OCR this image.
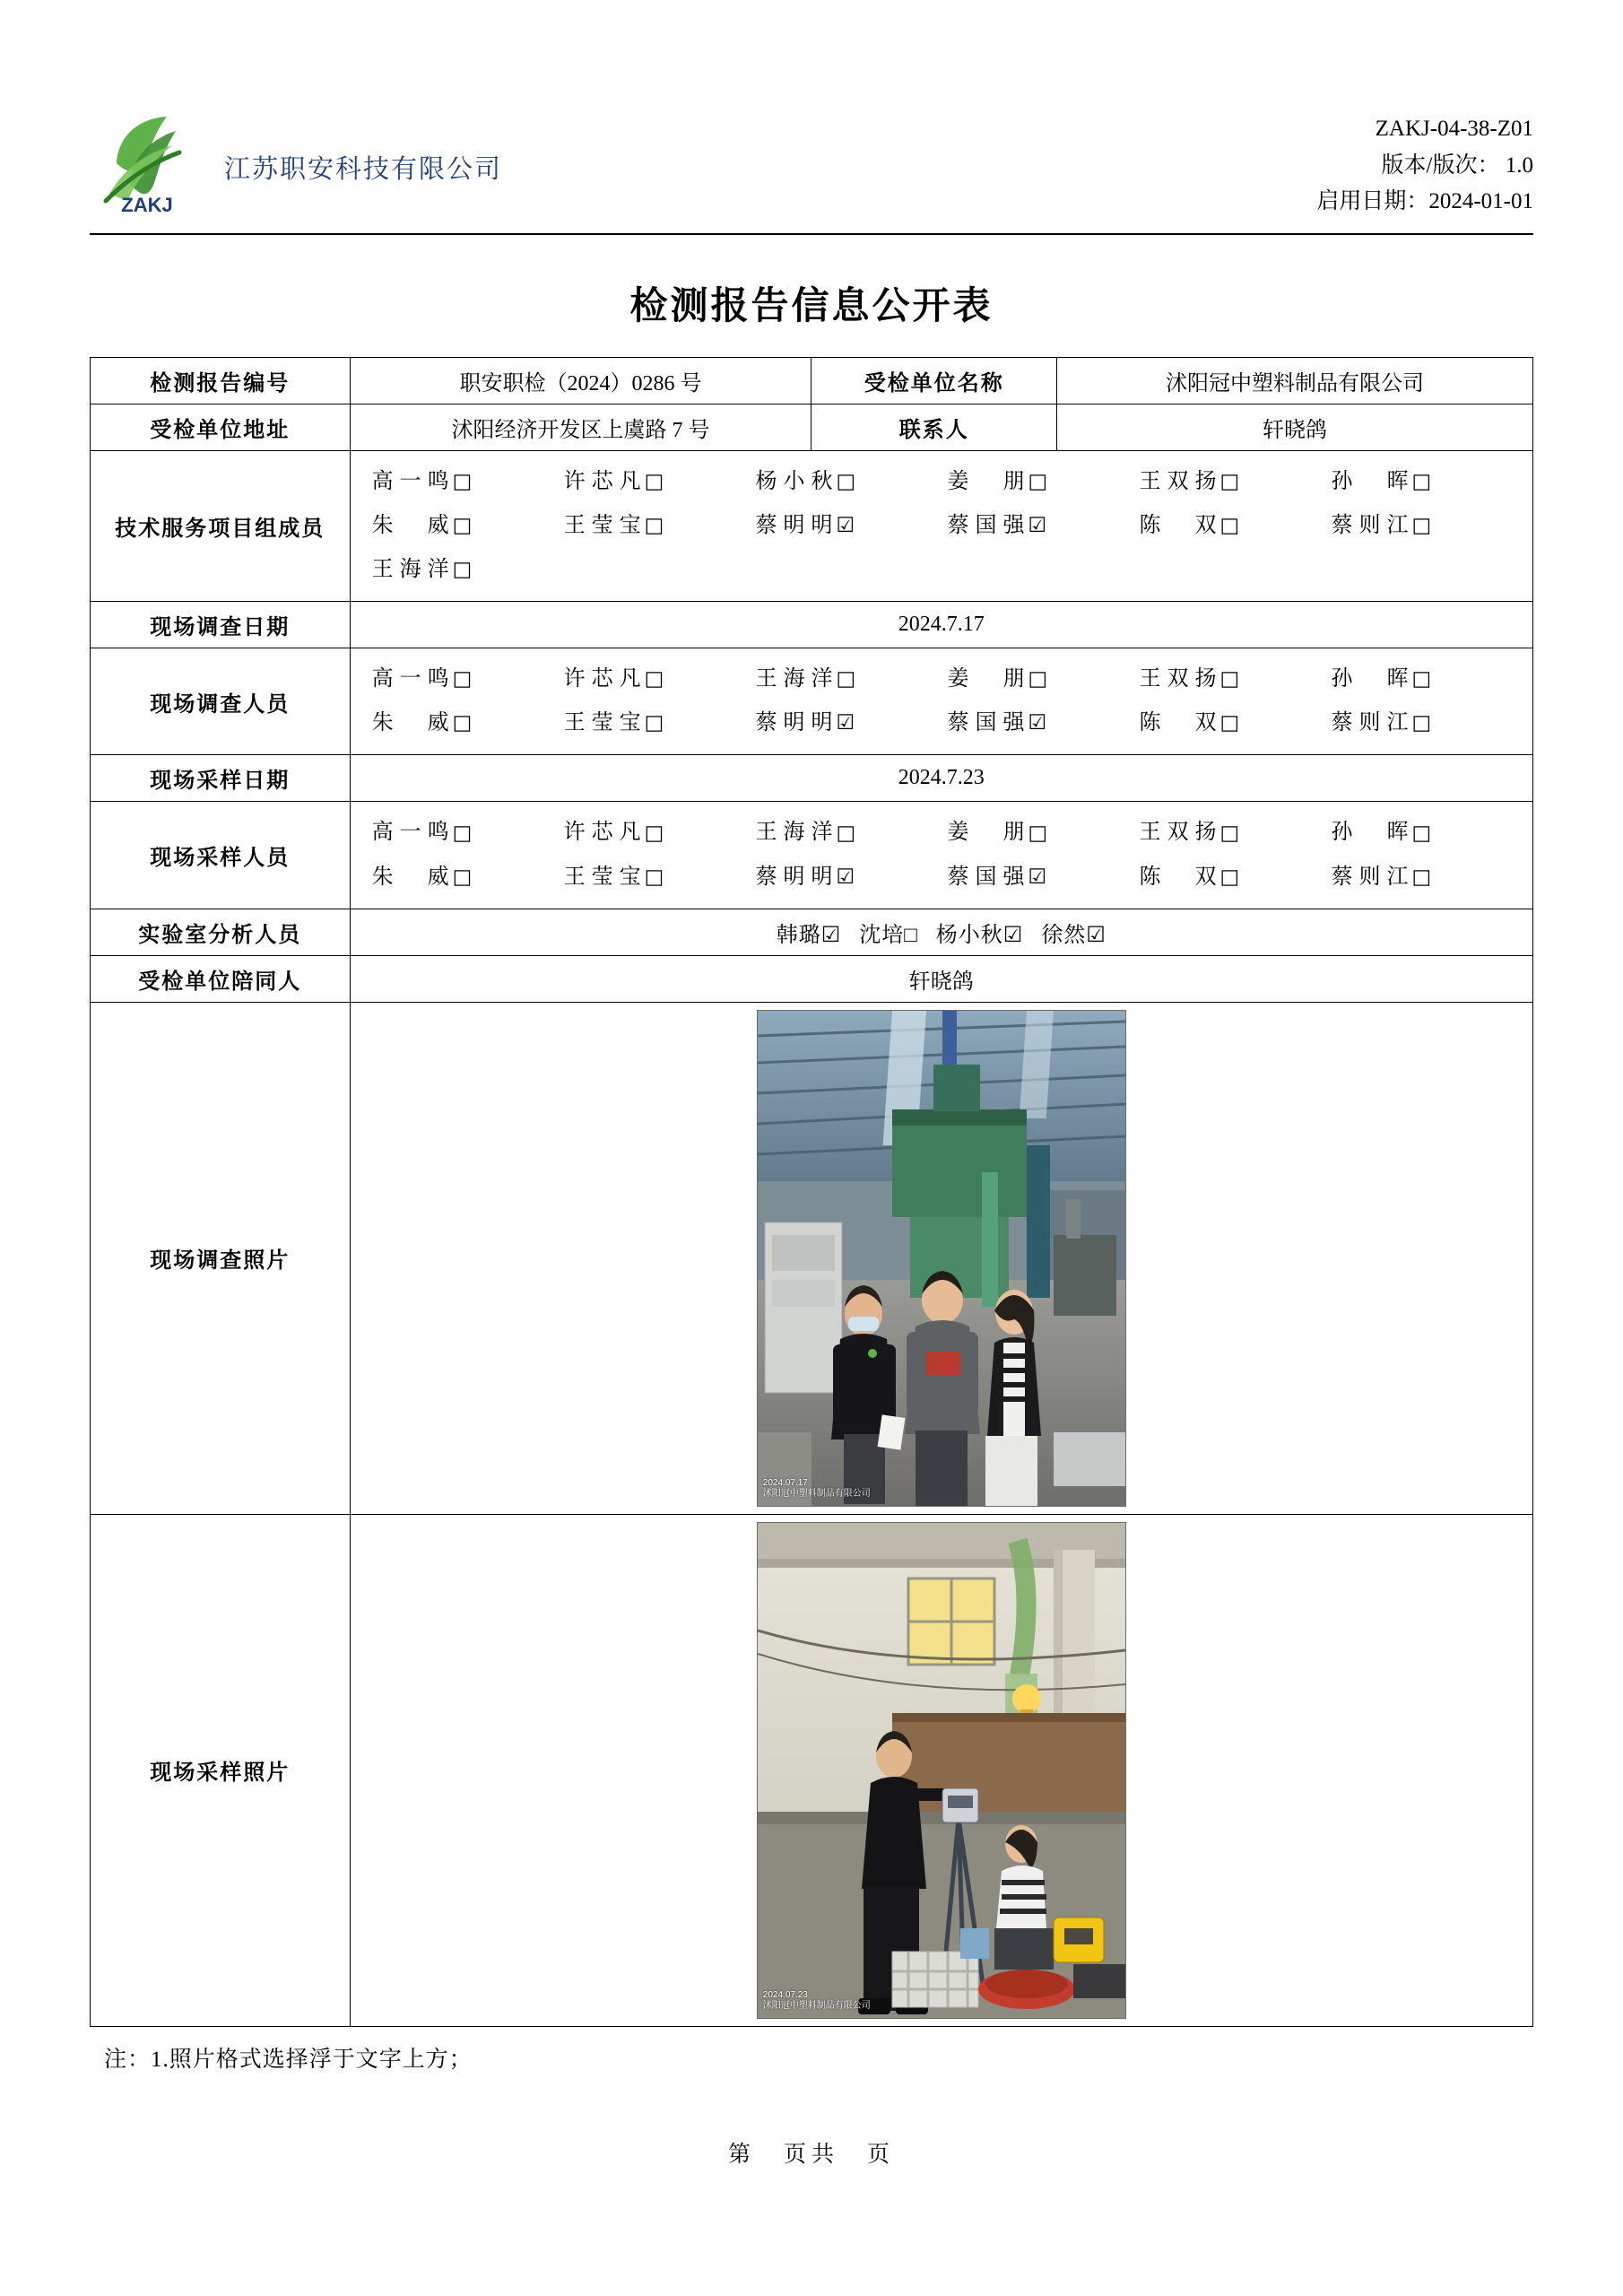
ZAKJ
江苏职安科技有限公司
ZAKJ-04-38-Z01
版本/版次： 1.0
启用日期：2024-01-01
检测报告信息公开表
检测报告编号	职安职检（2024）0286 号	受检单位名称	沭阳冠中塑料制品有限公司
受检单位地址	沭阳经济开发区上虞路 7 号	联系人	轩晓鸽
技术服务项目组成员	
高一鸣 □	许芯凡 □	杨小秋 □	姜　朋 □	王双扬 □	孙　晖 □
朱　威 □	王莹宝 □	蔡明明 ☑	蔡国强 ☑	陈　双 □	蔡则江 □
王海洋 □

现场调查日期	2024.7.17		
现场调查人员	
高一鸣 □	许芯凡 □	王海洋 □	姜　朋 □	王双扬 □	孙　晖 □
朱　威 □	王莹宝 □	蔡明明 ☑	蔡国强 ☑	陈　双 □	蔡则江 □

现场采样日期	2024.7.23		
现场采样人员	
高一鸣 □	许芯凡 □	王海洋 □	姜　朋 □	王双扬 □	孙　晖 □
朱　威 □	王莹宝 □	蔡明明 ☑	蔡国强 ☑	陈　双 □	蔡则江 □

实验室分析人员	韩璐☑ 沈培□ 杨小秋☑ 徐然☑		

受检单位陪同人	轩晓鸽		
现场调查照片	2024.07.17
沭阳冠中塑料制品有限公司		

现场采样照片	2024.07.23
沭阳冠中塑料制品有限公司		
注：1.照片格式选择浮于文字上方；
第　页共　页
